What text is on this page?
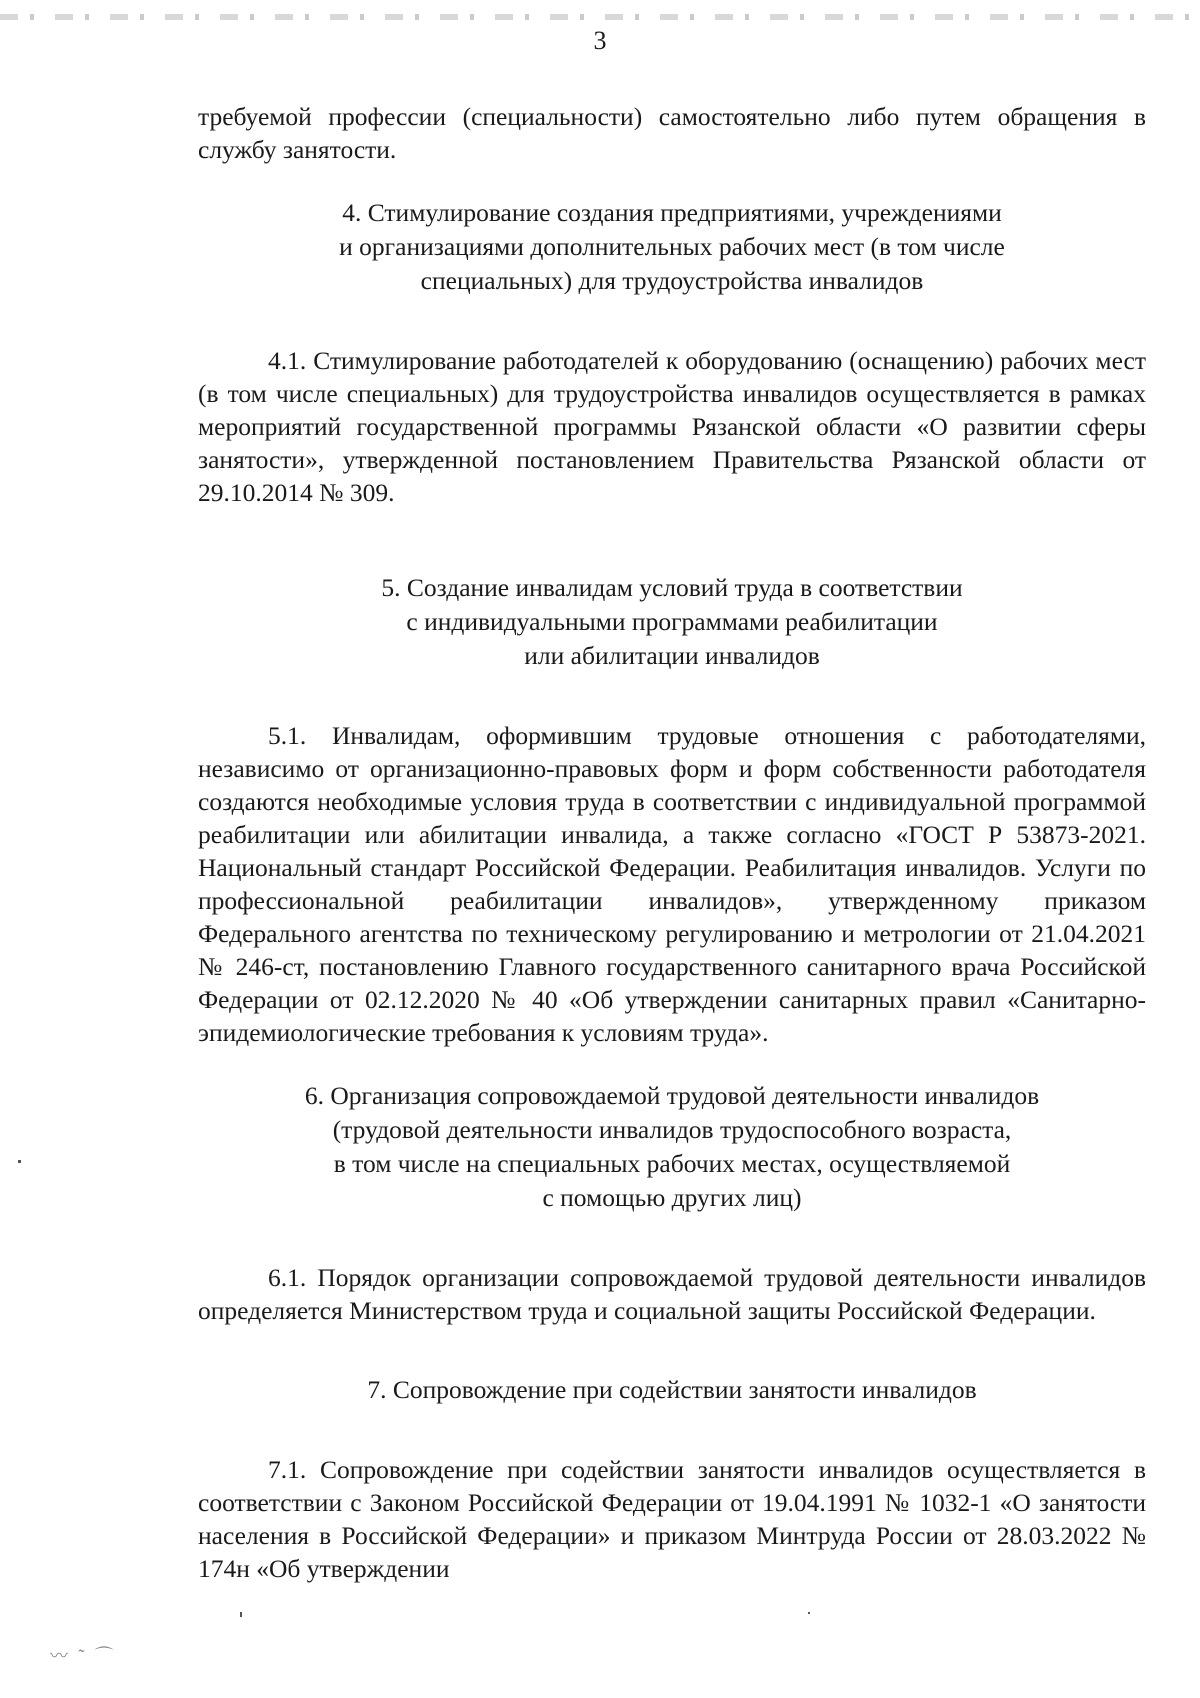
3

требуемой профессии (специальности) самостоятельно либо путем обращения в службу занятости.

4. Стимулирование создания предприятиями, учреждениями

и организациями дополнительных рабочих мест (в том числе

специальных) для трудоустройства инвалидов

4.1. Стимулирование работодателей к оборудованию (оснащению) рабочих мест (в том числе специальных) для трудоустройства инвалидов осуществляется в рамках мероприятий государственной программы Рязанской области «О развитии сферы занятости», утвержденной постановлением Правительства Рязанской области от 29.10.2014 № 309.

5. Создание инвалидам условий труда в соответствии

с индивидуальными программами реабилитации

или абилитации инвалидов

5.1. Инвалидам, оформившим трудовые отношения с работодателями, независимо от организационно-правовых форм и форм собственности работодателя создаются необходимые условия труда в соответствии с индивидуальной программой реабилитации или абилитации инвалида, а также согласно «ГОСТ Р 53873-2021. Национальный стандарт Российской Федерации. Реабилитация инвалидов. Услуги по профессиональной реабилитации инвалидов», утвержденному приказом Федерального агентства по техническому регулированию и метрологии от 21.04.2021 № 246-ст, постановлению Главного государственного санитарного врача Российской Федерации от 02.12.2020 № 40 «Об утверждении санитарных правил «Санитарно-эпидемиологические требования к условиям труда».

6. Организация сопровождаемой трудовой деятельности инвалидов

(трудовой деятельности инвалидов трудоспособного возраста,

в том числе на специальных рабочих местах, осуществляемой

с помощью других лиц)

6.1. Порядок организации сопровождаемой трудовой деятельности инвалидов определяется Министерством труда и социальной защиты Российской Федерации.

7. Сопровождение при содействии занятости инвалидов

7.1. Сопровождение при содействии занятости инвалидов осуществляется в соответствии с Законом Российской Федерации от 19.04.1991 № 1032-1 «О занятости населения в Российской Федерации» и приказом Минтруда России от 28.03.2022 № 174н «Об утверждении

〰 ˜ ⌒
